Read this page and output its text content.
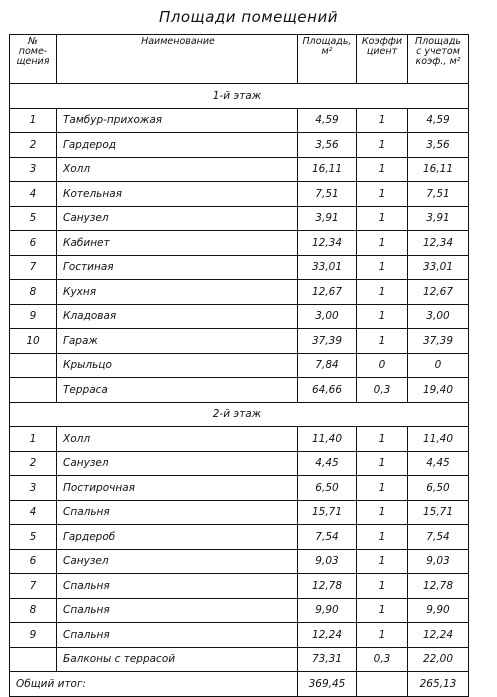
Площади помещений
№ поме- щения	Наименование	Площадь, м²	Коэффи циент	Площадь с учетом коэф., м²
1-й этаж				
1	Тамбур-прихожая	4,59	1	4,59
2	Гардерод	3,56	1	3,56
3	Холл	16,11	1	16,11
4	Котельная	7,51	1	7,51
5	Санузел	3,91	1	3,91
6	Кабинет	12,34	1	12,34
7	Гостиная	33,01	1	33,01
8	Кухня	12,67	1	12,67
9	Кладовая	3,00	1	3,00
10	Гараж	37,39	1	37,39
	Крыльцо	7,84	0	0
	Терраса	64,66	0,3	19,40
2-й этаж				
1	Холл	11,40	1	11,40
2	Санузел	4,45	1	4,45
3	Постирочная	6,50	1	6,50
4	Спальня	15,71	1	15,71
5	Гардероб	7,54	1	7,54
6	Санузел	9,03	1	9,03
7	Спальня	12,78	1	12,78
8	Спальня	9,90	1	9,90
9	Спальня	12,24	1	12,24
	Балконы с террасой	73,31	0,3	22,00
Общий итог:		369,45		265,13
